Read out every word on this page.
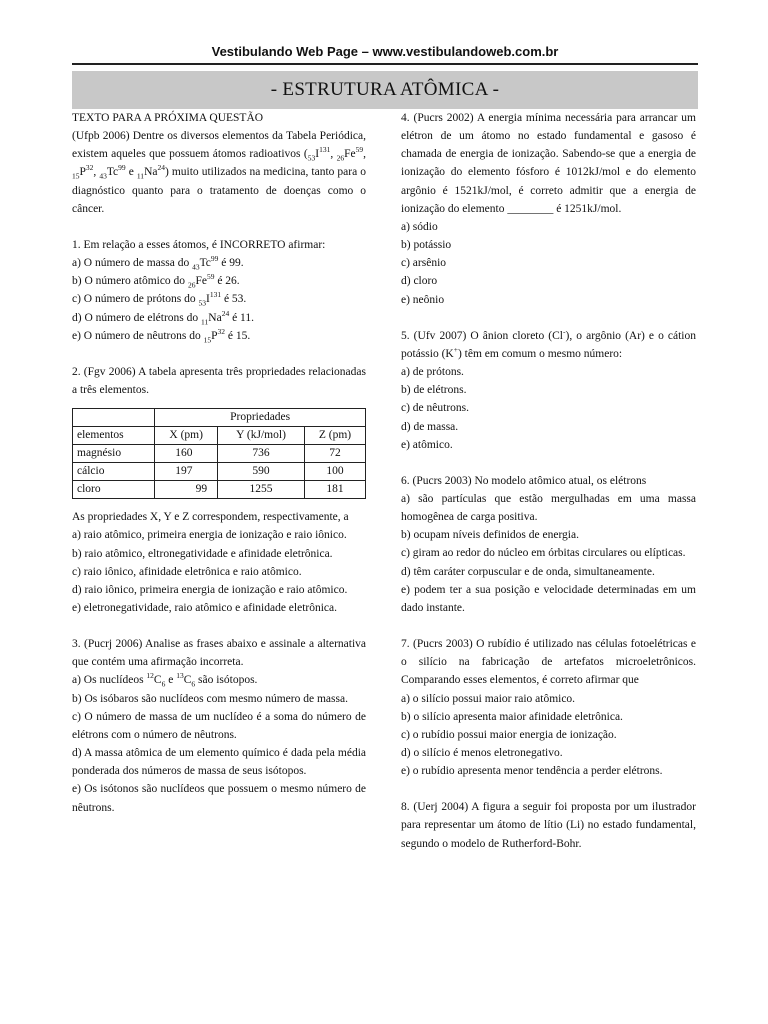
Vestibulando Web Page – www.vestibulandoweb.com.br
- ESTRUTURA ATÔMICA -

TEXTO PARA A PRÓXIMA QUESTÃO

(Ufpb 2006) Dentre os diversos elementos da Tabela Periódica, existem aqueles que possuem átomos radioativos ($_{53}I^{131}$, $_{26}Fe^{59}$, $_{15}P^{32}$, $_{43}Tc^{99}$ e $_{11}Na^{24}$) muito utilizados na medicina, tanto para o diagnóstico quanto para o tratamento de doenças como o câncer.

1. Em relação a esses átomos, é INCORRETO afirmar:

a) O número de massa do $_{43}Tc^{99}$ é 99.

b) O número atômico do $_{26}Fe^{59}$ é 26.

c) O número de prótons do $_{53}I^{131}$ é 53.

d) O número de elétrons do $_{11}Na^{24}$ é 11.

e) O número de nêutrons do $_{15}P^{32}$ é 15.

2. (Fgv 2006) A tabela apresenta três propriedades relacionadas a três elementos.

	Propriedades		
elementos	X (pm)	Y (kJ/mol)	Z (pm)
magnésio	160	736	72
cálcio	197	590	100
cloro	99	1255	181

As propriedades X, Y e Z correspondem, respectivamente, a

a) raio atômico, primeira energia de ionização e raio iônico.

b) raio atômico, eltronegatividade e afinidade eletrônica.

c) raio iônico, afinidade eletrônica e raio atômico.

d) raio iônico, primeira energia de ionização e raio atômico.

e) eletronegatividade, raio atômico e afinidade eletrônica.

3. (Pucrj 2006) Analise as frases abaixo e assinale a alternativa que contém uma afirmação incorreta.

a) Os nuclídeos $^{12}C_6$ e $^{13}C_6$ são isótopos.

b) Os isóbaros são nuclídeos com mesmo número de massa.

c) O número de massa de um nuclídeo é a soma do número de elétrons com o número de nêutrons.

d) A massa atômica de um elemento químico é dada pela média ponderada dos números de massa de seus isótopos.

e) Os isótonos são nuclídeos que possuem o mesmo número de nêutrons.

4. (Pucrs 2002) A energia mínima necessária para arrancar um elétron de um átomo no estado fundamental e gasoso é chamada de energia de ionização. Sabendo-se que a energia de ionização do elemento fósforo é 1012kJ/mol e do elemento argônio é 1521kJ/mol, é correto admitir que a energia de ionização do elemento ________ é 1251kJ/mol.

a) sódio

b) potássio

c) arsênio

d) cloro

e) neônio

5. (Ufv 2007) O ânion cloreto (Cl-), o argônio (Ar) e o cátion potássio (K+) têm em comum o mesmo número:

a) de prótons.

b) de elétrons.

c) de nêutrons.

d) de massa.

e) atômico.

6. (Pucrs 2003) No modelo atômico atual, os elétrons

a) são partículas que estão mergulhadas em uma massa homogênea de carga positiva.

b) ocupam níveis definidos de energia.

c) giram ao redor do núcleo em órbitas circulares ou elípticas.

d) têm caráter corpuscular e de onda, simultaneamente.

e) podem ter a sua posição e velocidade determinadas em um dado instante.

7. (Pucrs 2003) O rubídio é utilizado nas células fotoelétricas e o silício na fabricação de artefatos microeletrônicos. Comparando esses elementos, é correto afirmar que

a) o silício possui maior raio atômico.

b) o silício apresenta maior afinidade eletrônica.

c) o rubídio possui maior energia de ionização.

d) o silício é menos eletronegativo.

e) o rubídio apresenta menor tendência a perder elétrons.

8. (Uerj 2004) A figura a seguir foi proposta por um ilustrador para representar um átomo de lítio (Li) no estado fundamental, segundo o modelo de Rutherford-Bohr.
